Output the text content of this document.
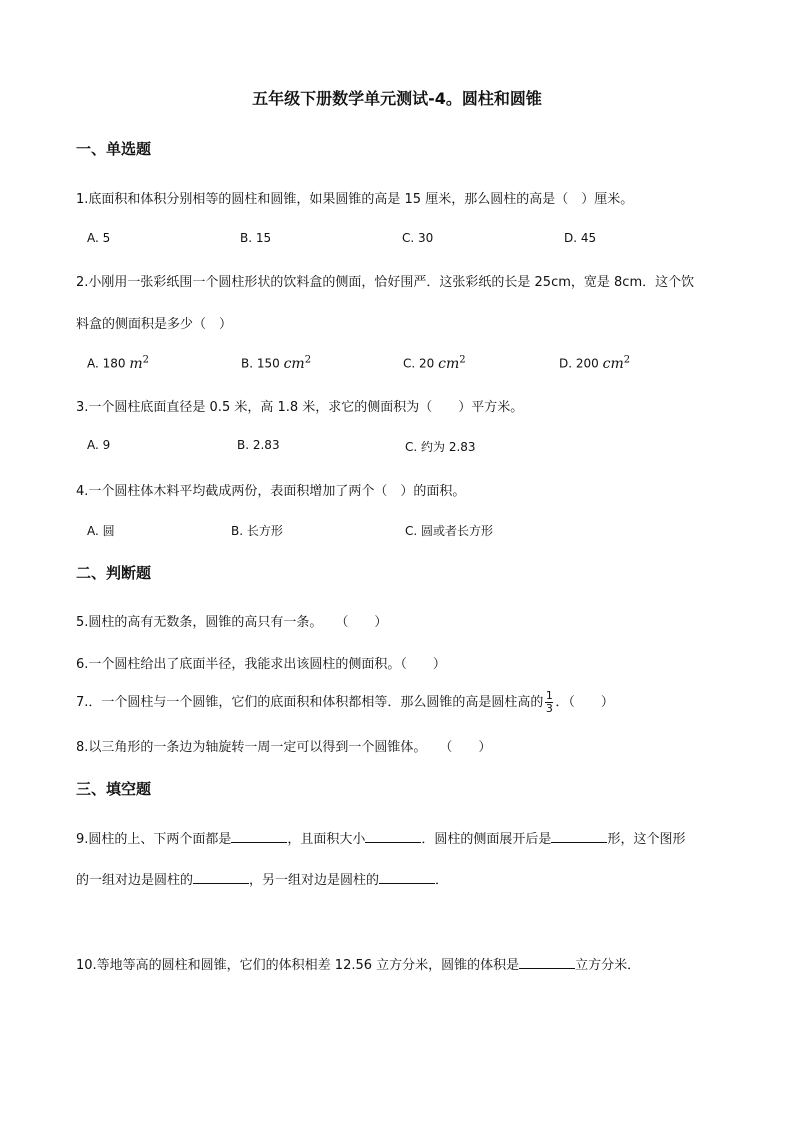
五年级下册数学单元测试-4。圆柱和圆锥
一、单选题
1.底面积和体积分别相等的圆柱和圆锥，如果圆锥的高是 15 厘米，那么圆柱的高是（　）厘米。
A. 5	B. 15	C. 30	D. 45
2.小刚用一张彩纸围一个圆柱形状的饮料盒的侧面，恰好围严．这张彩纸的长是 25cm，宽是 8cm．这个饮
料盒的侧面积是多少（　）
A. 180 $m^2$	B. 150 $cm^2$	C. 20 $cm^2$	D. 200 $cm^2$
3.一个圆柱底面直径是 0.5 米，高 1.8 米，求它的侧面积为（　　）平方米。
A. 9	B. 2.83	C. 约为 2.83
4.一个圆柱体木料平均截成两份，表面积增加了两个（　）的面积。
A. 圆	B. 长方形	C. 圆或者长方形
二、判断题
5.圆柱的高有无数条，圆锥的高只有一条。　　（　　）
6.一个圆柱给出了底面半径，我能求出该圆柱的侧面积。（　　）
7.．一个圆柱与一个圆锥，它们的底面积和体积都相等．那么圆锥的高是圆柱高的 $\frac{1}{3}$ ．（　　）
8.以三角形的一条边为轴旋转一周一定可以得到一个圆锥体。　　（　　）
三、填空题
9.圆柱的上、下两个面都是	，且面积大小	．圆柱的侧面展开后是	形，这个图形
的一组对边是圆柱的	，另一组对边是圆柱的	．
10.等地等高的圆柱和圆锥，它们的体积相差 12.56 立方分米，圆锥的体积是	立方分米．
